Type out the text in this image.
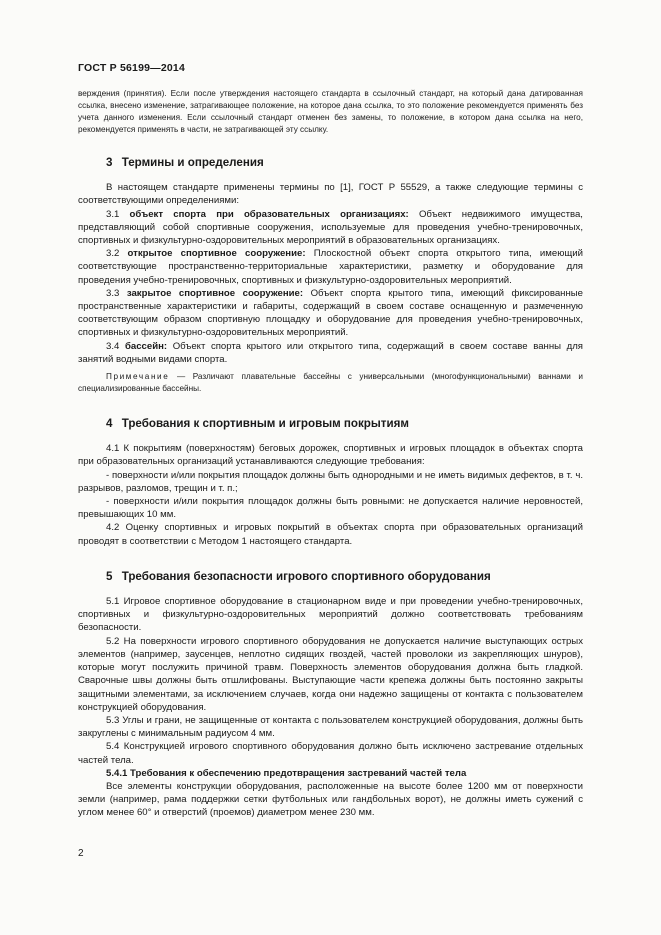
ГОСТ Р 56199—2014

верждения (принятия). Если после утверждения настоящего стандарта в ссылочный стандарт, на который дана датированная ссылка, внесено изменение, затрагивающее положение, на которое дана ссылка, то это положение рекомендуется применять без учета данного изменения. Если ссылочный стандарт отменен без замены, то положение, в котором дана ссылка на него, рекомендуется применять в части, не затрагивающей эту ссылку.

3 Термины и определения

В настоящем стандарте применены термины по [1], ГОСТ Р 55529, а также следующие термины с соответствующими определениями:

3.1 объект спорта при образовательных организациях: Объект недвижимого имущества, представляющий собой спортивные сооружения, используемые для проведения учебно-тренировочных, спортивных и физкультурно-оздоровительных мероприятий в образовательных организациях.

3.2 открытое спортивное сооружение: Плоскостной объект спорта открытого типа, имеющий соответствующие пространственно-территориальные характеристики, разметку и оборудование для проведения учебно-тренировочных, спортивных и физкультурно-оздоровительных мероприятий.

3.3 закрытое спортивное сооружение: Объект спорта крытого типа, имеющий фиксированные пространственные характеристики и габариты, содержащий в своем составе оснащенную и размеченную соответствующим образом спортивную площадку и оборудование для проведения учебно-тренировочных, спортивных и физкультурно-оздоровительных мероприятий.

3.4 бассейн: Объект спорта крытого или открытого типа, содержащий в своем составе ванны для занятий водными видами спорта.

Примечание — Различают плавательные бассейны с универсальными (многофункциональными) ваннами и специализированные бассейны.

4 Требования к спортивным и игровым покрытиям

4.1 К покрытиям (поверхностям) беговых дорожек, спортивных и игровых площадок в объектах спорта при образовательных организаций устанавливаются следующие требования:

- поверхности и/или покрытия площадок должны быть однородными и не иметь видимых дефектов, в т. ч. разрывов, разломов, трещин и т. п.;

- поверхности и/или покрытия площадок должны быть ровными: не допускается наличие неровностей, превышающих 10 мм.

4.2 Оценку спортивных и игровых покрытий в объектах спорта при образовательных организаций проводят в соответствии с Методом 1 настоящего стандарта.

5 Требования безопасности игрового спортивного оборудования

5.1 Игровое спортивное оборудование в стационарном виде и при проведении учебно-тренировочных, спортивных и физкультурно-оздоровительных мероприятий должно соответствовать требованиям безопасности.

5.2 На поверхности игрового спортивного оборудования не допускается наличие выступающих острых элементов (например, заусенцев, неплотно сидящих гвоздей, частей проволоки из закрепляющих шнуров), которые могут послужить причиной травм. Поверхность элементов оборудования должна быть гладкой. Сварочные швы должны быть отшлифованы. Выступающие части крепежа должны быть постоянно закрыты защитными элементами, за исключением случаев, когда они надежно защищены от контакта с пользователем конструкцией оборудования.

5.3 Углы и грани, не защищенные от контакта с пользователем конструкцией оборудования, должны быть закруглены с минимальным радиусом 4 мм.

5.4 Конструкцией игрового спортивного оборудования должно быть исключено застревание отдельных частей тела.

5.4.1 Требования к обеспечению предотвращения застреваний частей тела

Все элементы конструкции оборудования, расположенные на высоте более 1200 мм от поверхности земли (например, рама поддержки сетки футбольных или гандбольных ворот), не должны иметь сужений с углом менее 60° и отверстий (проемов) диаметром менее 230 мм.

2
